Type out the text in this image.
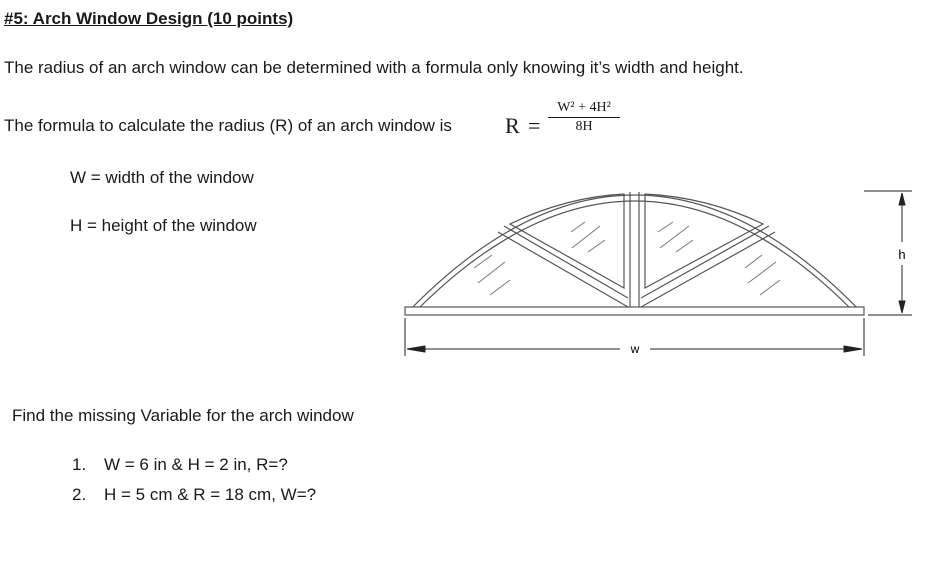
#5: Arch Window Design (10 points)
The radius of an arch window can be determined with a formula only knowing it’s width and height.
The formula to calculate the radius (R) of an arch window is $R = \frac{\text{W² + 4H²}}{8H}$
W = width of the window
H = height of the window
w
h
Find the missing Variable for the arch window
1. W = 6 in & H = 2 in, R=?
2. H = 5 cm & R = 18 cm, W=?
